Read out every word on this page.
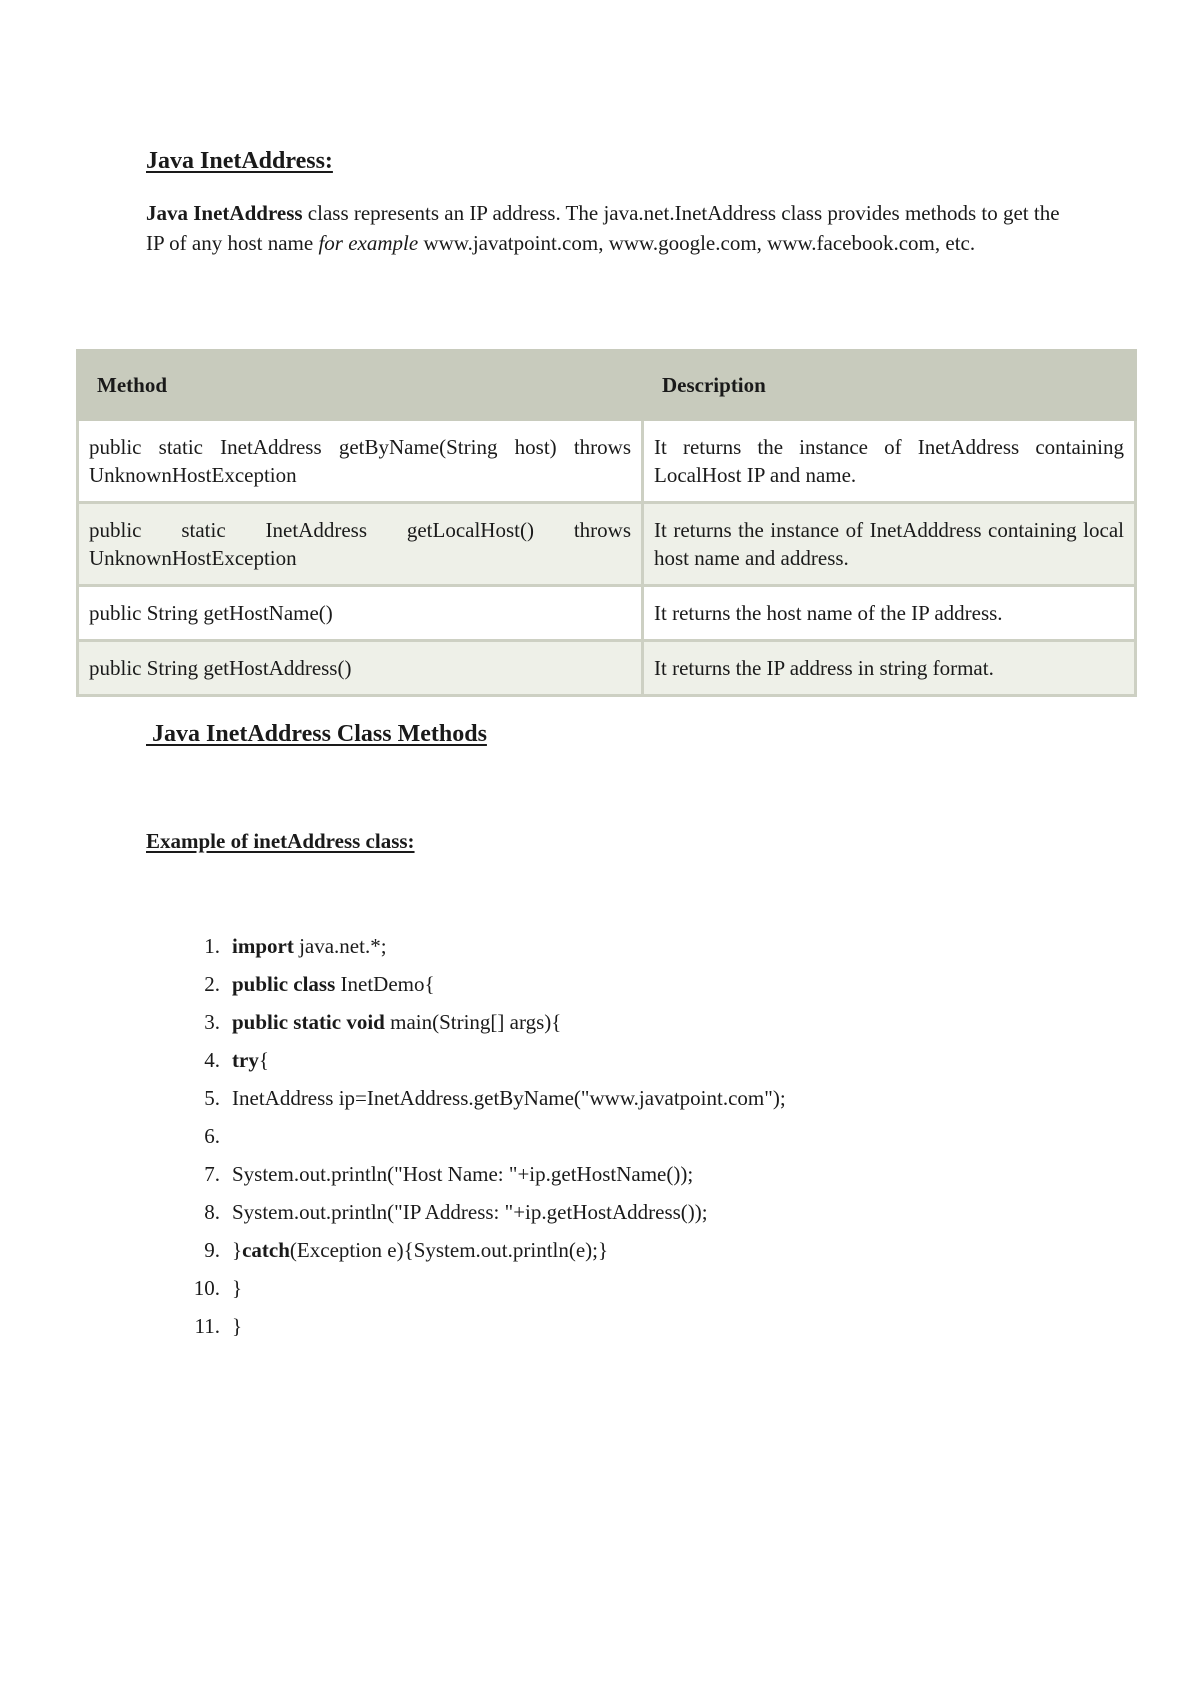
Java InetAddress:

Java InetAddress class represents an IP address. The java.net.InetAddress class provides methods to get the IP of any host name for example www.javatpoint.com, www.google.com, www.facebook.com, etc.

Method	Description
public static InetAddress getByName(String host) throws UnknownHostException	It returns the instance of InetAddress containing LocalHost IP and name.
public static InetAddress getLocalHost() throws UnknownHostException	It returns the instance of InetAdddress containing local host name and address.
public String getHostName()	It returns the host name of the IP address.
public String getHostAddress()	It returns the IP address in string format.
Java InetAddress Class Methods
Example of inetAddress class:
1. import java.net.*;
2. public class InetDemo{
3. public static void main(String[] args){
4. try {
5. InetAddress ip=InetAddress.getByName("www.javatpoint.com");
6.
7. System.out.println("Host Name: "+ip.getHostName());
8. System.out.println("IP Address: "+ip.getHostAddress());
9. } catch (Exception e){System.out.println(e);}
10. }
11. }
